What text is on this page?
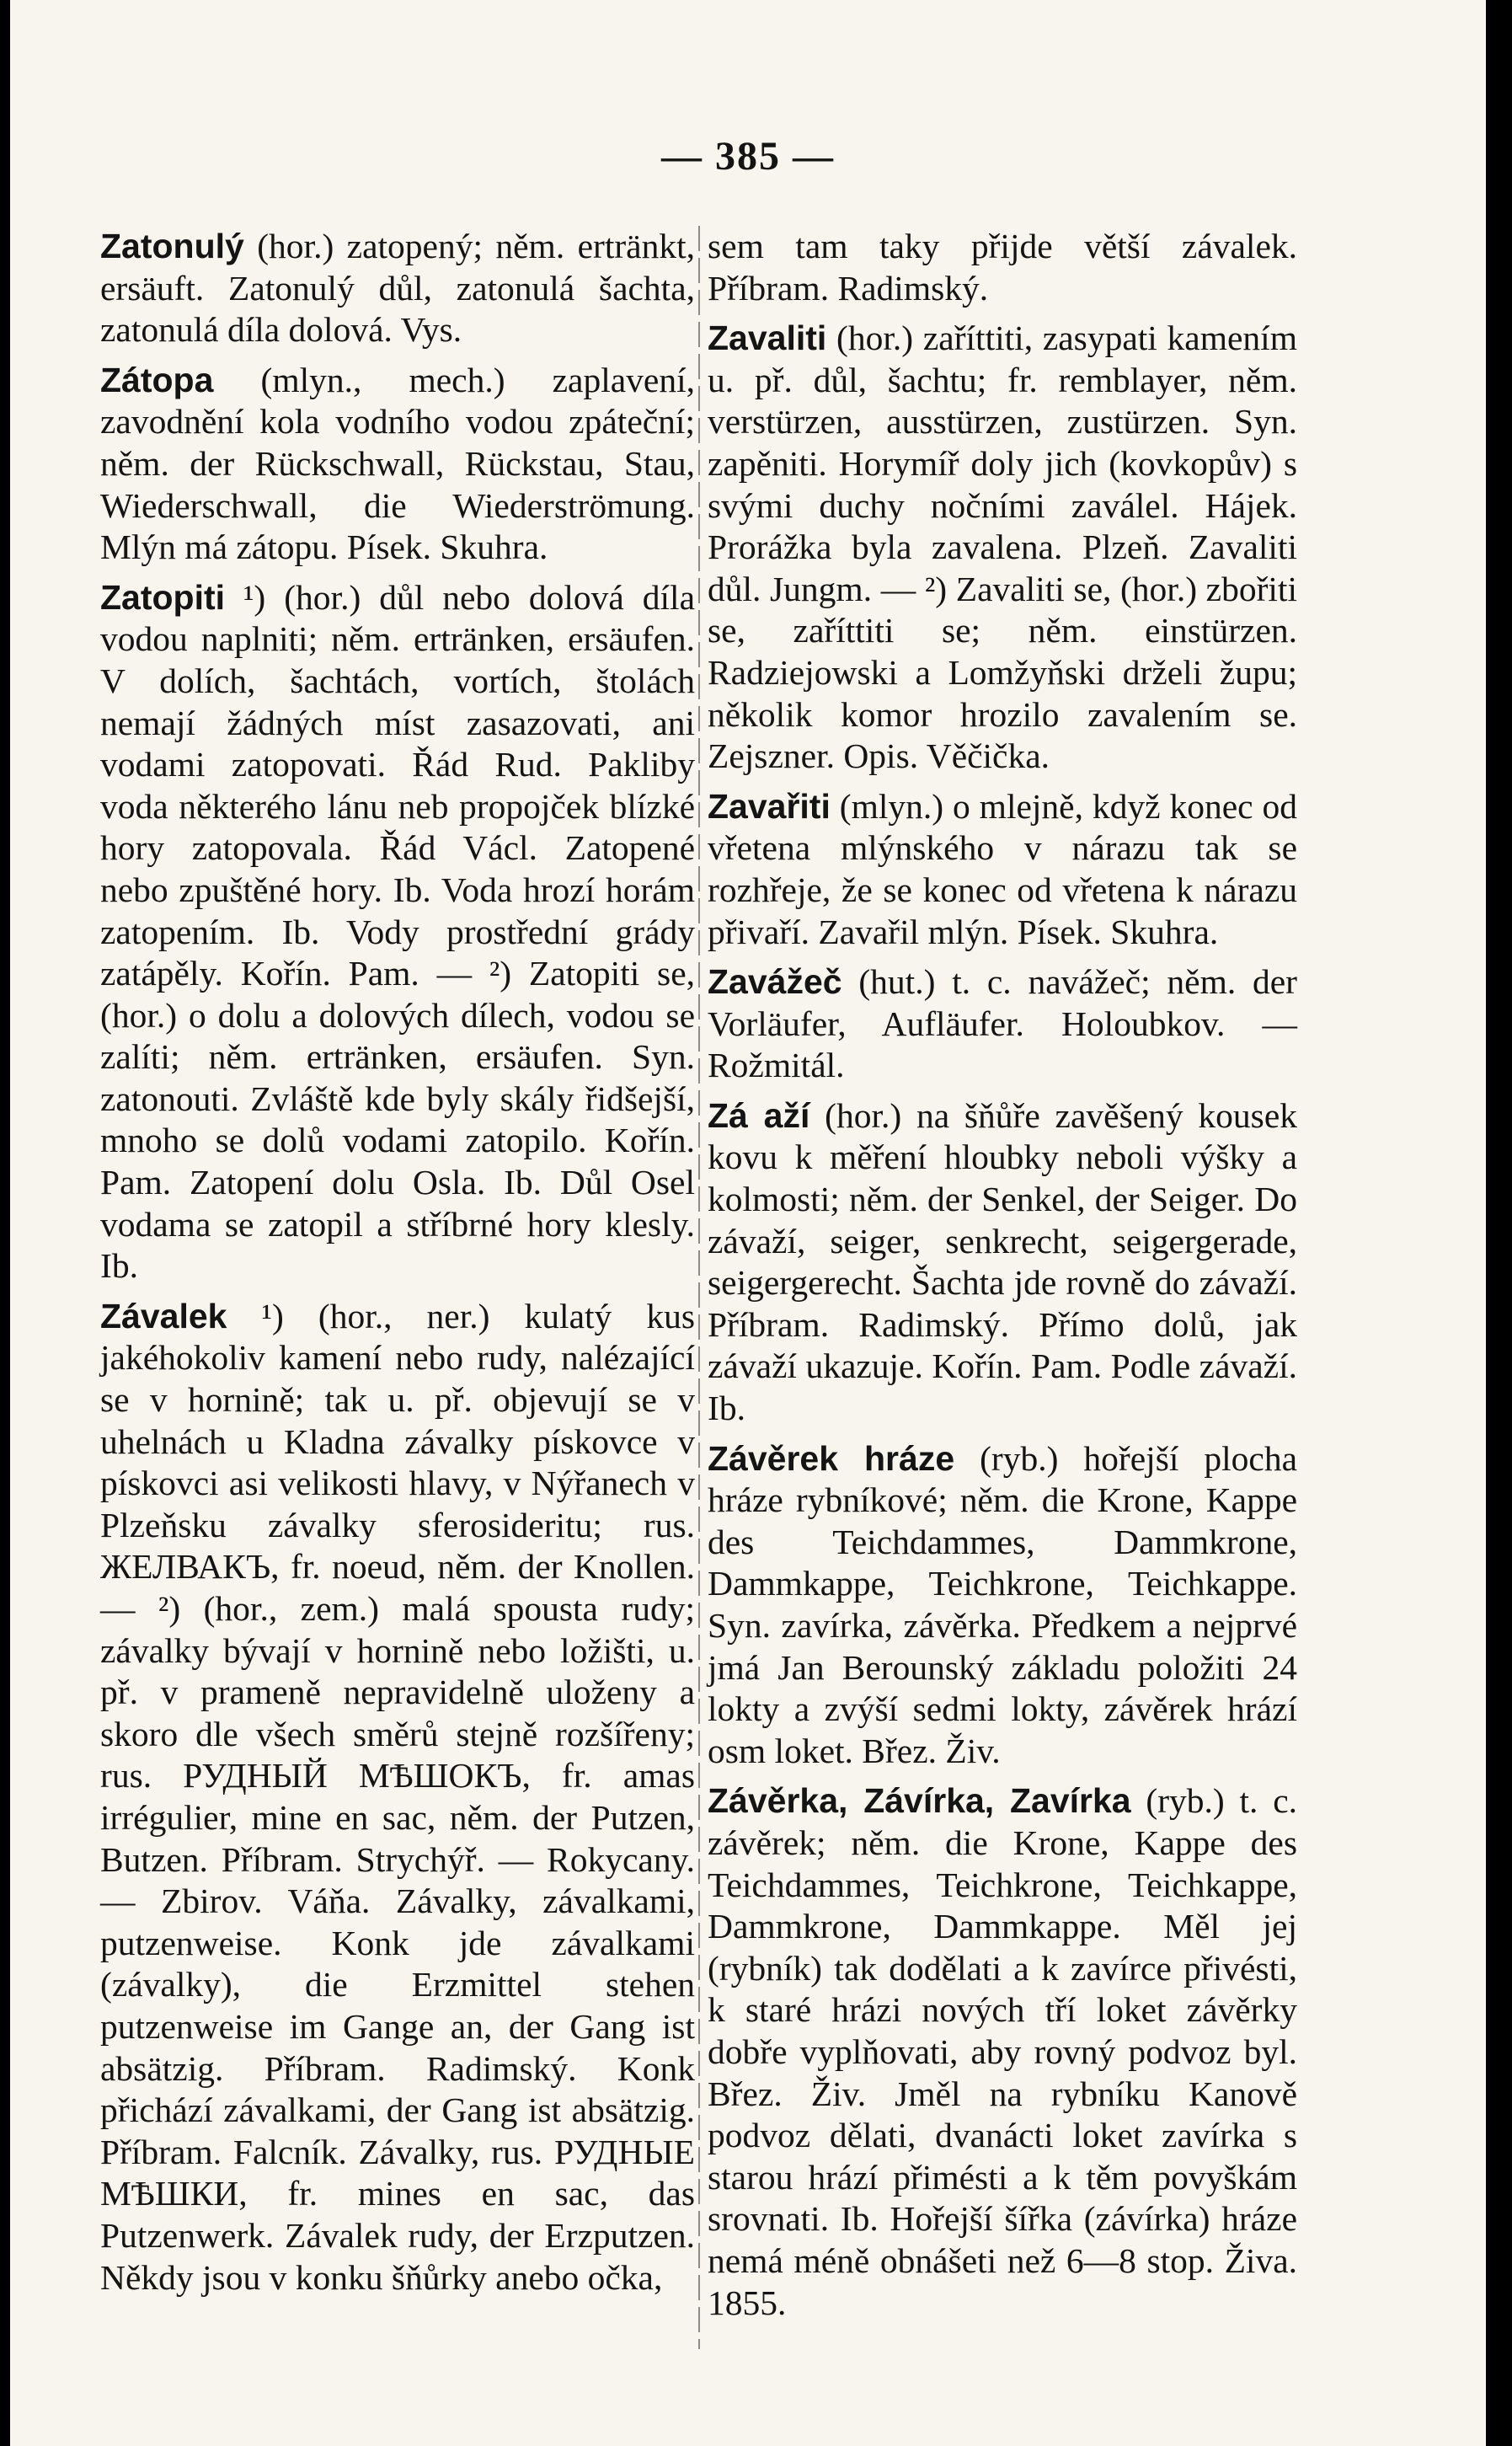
— 385 —

Zatonulý (hor.) zatopený; něm. ertränkt, ersäuft. Zatonulý důl, zatonulá šachta, zatonulá díla dolová. Vys.

Zátopa (mlyn., mech.) zaplavení, zavodnění kola vodního vodou zpáteční; něm. der Rückschwall, Rückstau, Stau, Wiederschwall, die Wiederströmung. Mlýn má zátopu. Písek. Skuhra.

Zatopiti ¹) (hor.) důl nebo dolová díla vodou naplniti; něm. ertränken, ersäufen. V dolích, šachtách, vortích, štolách nemají žádných míst zasazovati, ani vodami zatopovati. Řád Rud. Pakliby voda některého lánu neb propojček blízké hory zatopovala. Řád Václ. Zatopené nebo zpuštěné hory. Ib. Voda hrozí horám zatopením. Ib. Vody prostřední grády zatápěly. Kořín. Pam. — ²) Zatopiti se, (hor.) o dolu a dolových dílech, vodou se zalíti; něm. ertränken, ersäufen. Syn. zatonouti. Zvláště kde byly skály řidšejší, mnoho se dolů vodami zatopilo. Kořín. Pam. Zatopení dolu Osla. Ib. Důl Osel vodama se zatopil a stříbrné hory klesly. Ib.

Závalek ¹) (hor., ner.) kulatý kus jakéhokoliv kamení nebo rudy, nalézající se v hornině; tak u. př. objevují se v uhelnách u Kladna závalky pískovce v pískovci asi velikosti hlavy, v Nýřanech v Plzeňsku závalky sferosideritu; rus. ЖЕЛВАКЪ, fr. noeud, něm. der Knollen. — ²) (hor., zem.) malá spousta rudy; závalky bývají v hornině nebo ložišti, u. př. v prameně nepravidelně uloženy a skoro dle všech směrů stejně rozšířeny; rus. РУДНЫЙ МѢШОКЪ, fr. amas irrégulier, mine en sac, něm. der Putzen, Butzen. Příbram. Strychýř. — Rokycany. — Zbirov. Váňa. Závalky, závalkami, putzenweise. Konk jde závalkami (závalky), die Erzmittel stehen putzenweise im Gange an, der Gang ist absätzig. Příbram. Radimský. Konk přichází závalkami, der Gang ist absätzig. Příbram. Falcník. Závalky, rus. РУДНЫЕ МѢШКИ, fr. mines en sac, das Putzenwerk. Závalek rudy, der Erzputzen. Někdy jsou v konku šňůrky anebo očka,

sem tam taky přijde větší závalek. Příbram. Radimský.

Zavaliti (hor.) zaříttiti, zasypati kamením u. př. důl, šachtu; fr. remblayer, něm. verstürzen, ausstürzen, zustürzen. Syn. zapěniti. Horymíř doly jich (kovkopův) s svými duchy nočními zaválel. Hájek. Prorážka byla zavalena. Plzeň. Zavaliti důl. Jungm. — ²) Zavaliti se, (hor.) zbořiti se, zaříttiti se; něm. einstürzen. Radziejowski a Lomžyňski drželi župu; několik komor hrozilo zavalením se. Zejszner. Opis. Věčička.

Zavařiti (mlyn.) o mlejně, když konec od vřetena mlýnského v nárazu tak se rozhřeje, že se konec od vřetena k nárazu přivaří. Zavařil mlýn. Písek. Skuhra.

Zavážeč (hut.) t. c. navážeč; něm. der Vorläufer, Aufläufer. Holoubkov. — Rožmitál.

Zá aží (hor.) na šňůře zavěšený kousek kovu k měření hloubky neboli výšky a kolmosti; něm. der Senkel, der Seiger. Do závaží, seiger, senkrecht, seigergerade, seigergerecht. Šachta jde rovně do závaží. Příbram. Radimský. Přímo dolů, jak závaží ukazuje. Kořín. Pam. Podle závaží. Ib.

Závěrek hráze (ryb.) hořejší plocha hráze rybníkové; něm. die Krone, Kappe des Teichdammes, Dammkrone, Dammkappe, Teichkrone, Teichkappe. Syn. zavírka, závěrka. Předkem a nejprvé jmá Jan Berounský základu položiti 24 lokty a zvýší sedmi lokty, závěrek hrází osm loket. Břez. Živ.

Závěrka, Závírka, Zavírka (ryb.) t. c. závěrek; něm. die Krone, Kappe des Teichdammes, Teichkrone, Teichkappe, Dammkrone, Dammkappe. Měl jej (rybník) tak dodělati a k zavírce přivésti, k staré hrázi nových tří loket závěrky dobře vyplňovati, aby rovný podvoz byl. Břez. Živ. Jměl na rybníku Kanově podvoz dělati, dvanácti loket zavírka s starou hrází přimésti a k těm povyškám srovnati. Ib. Hořejší šířka (závírka) hráze nemá méně obnášeti než 6—8 stop. Živa. 1855.
